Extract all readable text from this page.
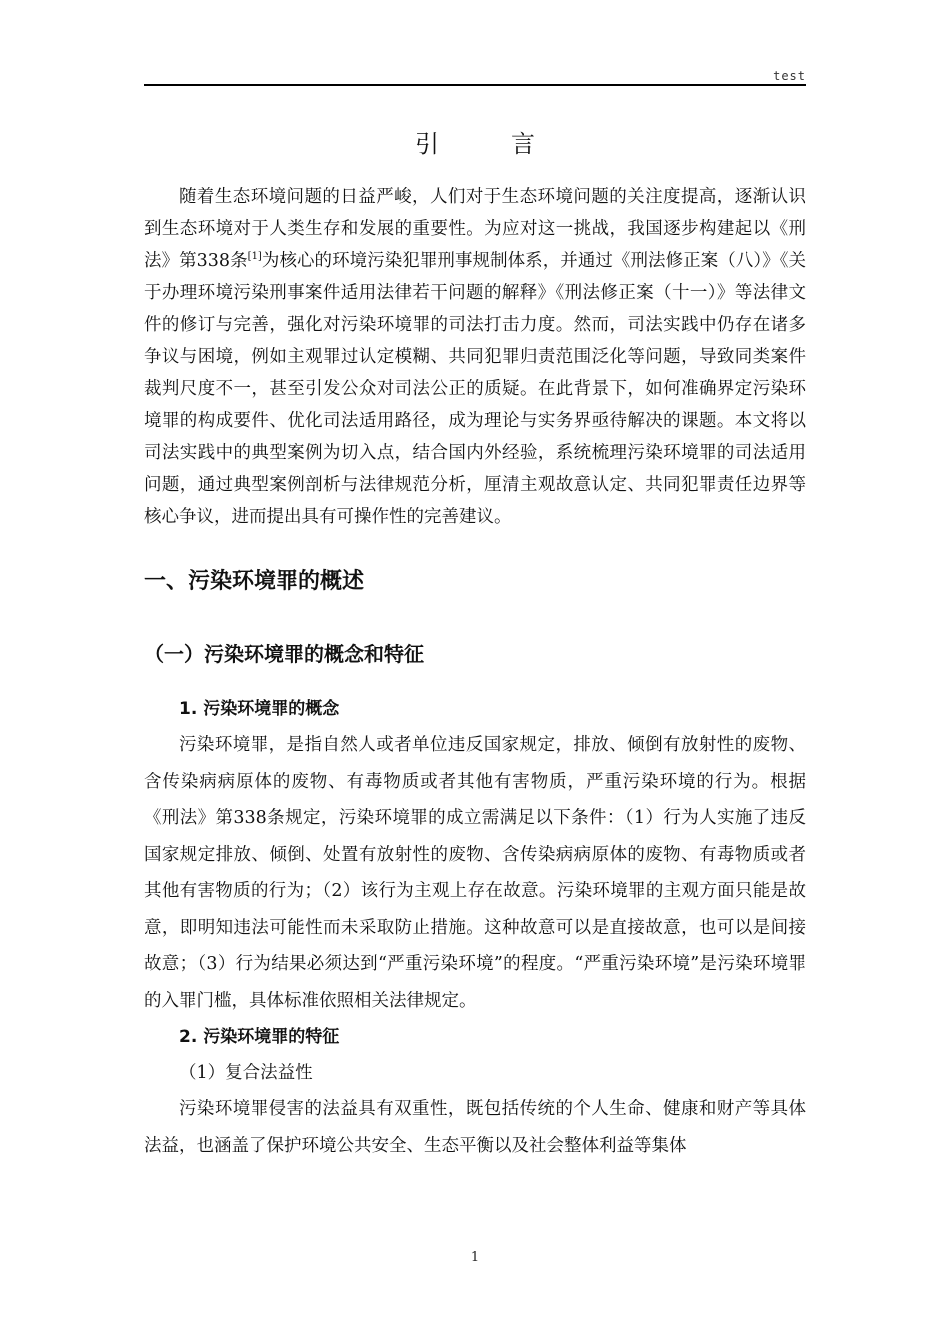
test
引　言

随着生态环境问题的日益严峻，人们对于生态环境问题的关注度提高，逐渐认识到生态环境对于人类生存和发展的重要性。为应对这一挑战，我国逐步构建起以《刑法》第338条[1]为核心的环境污染犯罪刑事规制体系，并通过《刑法修正案（八）》《关于办理环境污染刑事案件适用法律若干问题的解释》《刑法修正案（十一）》等法律文件的修订与完善，强化对污染环境罪的司法打击力度。然而，司法实践中仍存在诸多争议与困境，例如主观罪过认定模糊、共同犯罪归责范围泛化等问题，导致同类案件裁判尺度不一，甚至引发公众对司法公正的质疑。在此背景下，如何准确界定污染环境罪的构成要件、优化司法适用路径，成为理论与实务界亟待解决的课题。本文将以司法实践中的典型案例为切入点，结合国内外经验，系统梳理污染环境罪的司法适用问题，通过典型案例剖析与法律规范分析，厘清主观故意认定、共同犯罪责任边界等核心争议，进而提出具有可操作性的完善建议。

一、污染环境罪的概述
（一）污染环境罪的概念和特征
1. 污染环境罪的概念

污染环境罪，是指自然人或者单位违反国家规定，排放、倾倒有放射性的废物、含传染病病原体的废物、有毒物质或者其他有害物质，严重污染环境的行为。根据《刑法》第338条规定，污染环境罪的成立需满足以下条件：（1）行为人实施了违反国家规定排放、倾倒、处置有放射性的废物、含传染病病原体的废物、有毒物质或者其他有害物质的行为；（2）该行为主观上存在故意。污染环境罪的主观方面只能是故意，即明知违法可能性而未采取防止措施。这种故意可以是直接故意，也可以是间接故意；（3）行为结果必须达到“严重污染环境”的程度。“严重污染环境”是污染环境罪的入罪门槛，具体标准依照相关法律规定。

2. 污染环境罪的特征
（1）复合法益性

污染环境罪侵害的法益具有双重性，既包括传统的个人生命、健康和财产等具体法益，也涵盖了保护环境公共安全、生态平衡以及社会整体利益等集体

1
